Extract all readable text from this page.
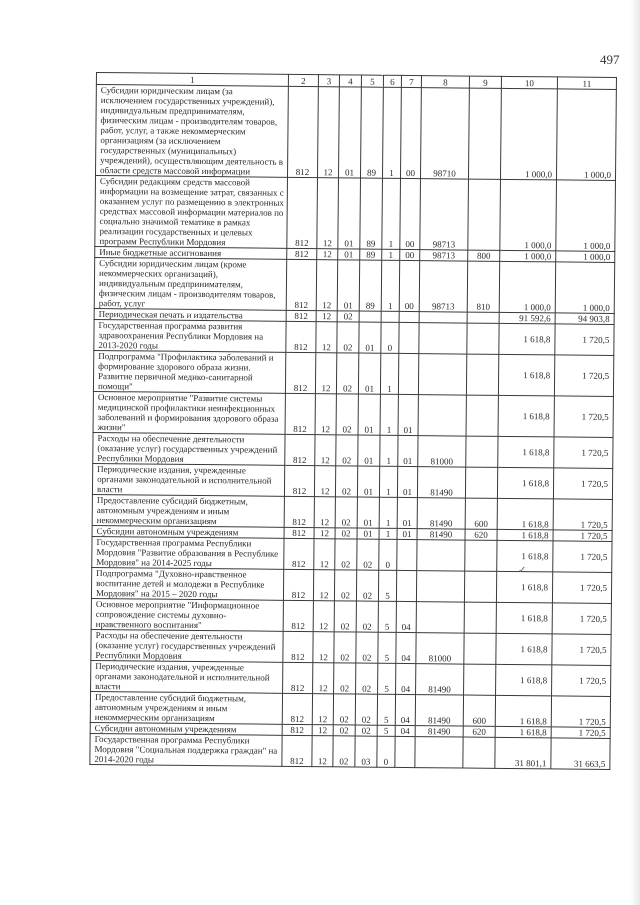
497
1	2	3	4	5	6	7	8	9	10	11
Субсидии юридическим лицам (за исключением государственных учреждений), индивидуальным предпринимателям, физическим лицам - производителям товаров, работ, услуг, а также некоммерческим организациям (за исключением государственных (муниципальных) учреждений), осуществляющим деятельность в области средств массовой информации	812	12	01	89	1	00	98710		1 000,0	1 000,0
Субсидии редакциям средств массовой информации на возмещение затрат, связанных с оказанием услуг по размещению в электронных средствах массовой информации материалов по социально значимой тематике в рамках реализации государственных и целевых программ Республики Мордовия	812	12	01	89	1	00	98713		1 000,0	1 000,0
Иные бюджетные ассигнования	812	12	01	89	1	00	98713	800	1 000,0	1 000,0
Субсидии юридическим лицам (кроме некоммерческих организаций), индивидуальным предпринимателям, физическим лицам - производителям товаров, работ, услуг	812	12	01	89	1	00	98713	810	1 000,0	1 000,0
Периодическая печать и издательства	812	12	02						91 592,6	94 903,8
Государственная программа развития здравоохранения Республики Мордовия на 2013-2020 годы	812	12	02	01	0				1 618,8	1 720,5
Подпрограмма "Профилактика заболеваний и формирование здорового образа жизни. Развитие первичной медико-санитарной помощи"	812	12	02	01	1				1 618,8	1 720,5
Основное мероприятие "Развитие системы медицинской профилактики неинфекционных заболеваний и формирования здорового образа жизни"	812	12	02	01	1	01			1 618,8	1 720,5
Расходы на обеспечение деятельности (оказание услуг) государственных учреждений Республики Мордовия	812	12	02	01	1	01	81000		1 618,8	1 720,5
Периодические издания, учрежденные органами законодательной и исполнительной власти	812	12	02	01	1	01	81490		1 618,8	1 720,5
Предоставление субсидий бюджетным, автономным учреждениям и иным некоммерческим организациям	812	12	02	01	1	01	81490	600	1 618,8	1 720,5
Субсидии автономным учреждениям	812	12	02	01	1	01	81490	620	1 618,8	1 720,5
Государственная программа Республики Мордовия "Развитие образования в Республике Мордовия" на 2014-2025 годы	812	12	02	02	0				1 618,8	1 720,5
Подпрограмма "Духовно-нравственное воспитание детей и молодежи в Республике Мордовия" на 2015 – 2020 годы	812	12	02	02	5				1 618,8	1 720,5
Основное мероприятие "Информационное сопровождение системы духовно-нравственного воспитания"	812	12	02	02	5	04			1 618,8	1 720,5
Расходы на обеспечение деятельности (оказание услуг) государственных учреждений Республики Мордовия	812	12	02	02	5	04	81000		1 618,8	1 720,5
Периодические издания, учрежденные органами законодательной и исполнительной власти	812	12	02	02	5	04	81490		1 618,8	1 720,5
Предоставление субсидий бюджетным, автономным учреждениям и иным некоммерческим организациям	812	12	02	02	5	04	81490	600	1 618,8	1 720,5
Субсидии автономным учреждениям	812	12	02	02	5	04	81490	620	1 618,8	1 720,5
Государственная программа Республики Мордовия "Социальная поддержка граждан" на 2014-2020 годы	812	12	02	03	0				31 801,1	31 663,5
✓
